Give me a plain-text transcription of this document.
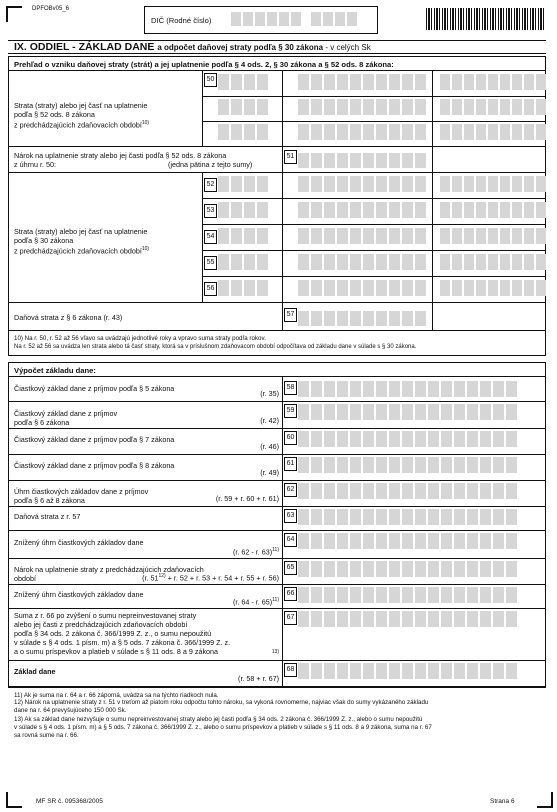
DPFOBv05_6
DIČ (Rodné číslo)
IX. ODDIEL - ZÁKLAD DANE a odpočet daňovej straty podľa § 30 zákona - v celých Sk
Prehľad o vzniku daňovej straty (strát) a jej uplatnenie podľa § 4 ods. 2, § 30 zákona a § 52 ods. 8 zákona:

Strata (straty) alebo jej časť na uplatnenie
podľa § 52 ods. 8 zákona
z predchádzajúcich zdaňovacích období$^{10)}$

50
Nárok na uplatnenie straty alebo jej časti podľa § 52 ods. 8 zákona
z úhrnu r. 50:	(jedna pätina z tejto sumy)
51

Strata (straty) alebo jej časť na uplatnenie
podľa § 30 zákona
z predchádzajúcich zdaňovacích období$^{10)}$

52
53
54
55
56
Daňová strata z § 6 zákona (r. 43)	57
10) Na r. 50, r. 52 až 56 vľavo sa uvádzajú jednotlivé roky a vpravo suma straty podľa rokov.
Na r. 52 až 56 sa uvádza len strata alebo tá časť straty, ktorá sa v príslušnom zdaňovacom období odpočítava od základu dane v súlade s § 30 zákona.
Výpočet základu dane:
Čiastkový základ dane z príjmov podľa § 5 zákona
(r. 35)
58
Čiastkový základ dane z príjmov
podľa § 6 zákona	(r. 42)
59
Čiastkový základ dane z príjmov podľa § 7 zákona
(r. 46)
60
Čiastkový základ dane z príjmov podľa § 8 zákona
(r. 49)
61
Úhrn čiastkových základov dane z príjmov
podľa § 6 až 8 zákona	(r. 59 + r. 60 + r. 61)
62
Daňová strata z r. 57	63
Znížený úhrn čiastkových základov dane
(r. 62 - r. 63)$^{11)}$
64
Nárok na uplatnenie straty z predchádzajúcich zdaňovacích
období	(r. $51^{12)} + r$. 52 + r. 53 + r. 54 + r. 55 + r. 56)
65
Znížený úhrn čiastkových základov dane
(r. 64 - r. 65)$^{11)}$
66
Suma z r. 66 po zvýšení o sumu nepreinvestovanej straty
alebo jej časti z predchádzajúcich zdaňovacích období
podľa § 34 ods. 2 zákona č. 366/1999 Z. z., o sumu nepoužitú
v súlade s § 4 ods. 1 písm. m) a § 5 ods. 7 zákona č. 366/1999 Z. z.
a o sumu príspevkov a platieb v súlade s § 11 ods. 8 a 9 zákona	$^{13)}$
67
Základ dane
(r. 58 + r. 67)
68
11) Ak je suma na r. 64 a r. 66 záporná, uvádza sa na týchto riadkoch nula.
12) Nárok na uplatnenie straty z r. 51 v treťom až piatom roku odpočtu tohto nároku, sa vykoná rovnomerne, najviac však do sumy vykázaného základu
dane na r. 64 prevyšujúceho 150 000 Sk.
13) Ak sa základ dane nezvyšuje o sumu nepreinvestovanej straty alebo jej časti podľa § 34 ods. 2 zákona č. 366/1999 Z. z., alebo o sumu nepoužitú
v súlade s § 4 ods. 1 písm. m) a § 5 ods. 7 zákona č. 366/1999 Z. z., alebo o sumu príspevkov a platieb v súlade s § 11 ods. 8 a 9 zákona, suma na r. 67
sa rovná sume na r. 66.
MF SR č. 095368/2005	Strana 6
